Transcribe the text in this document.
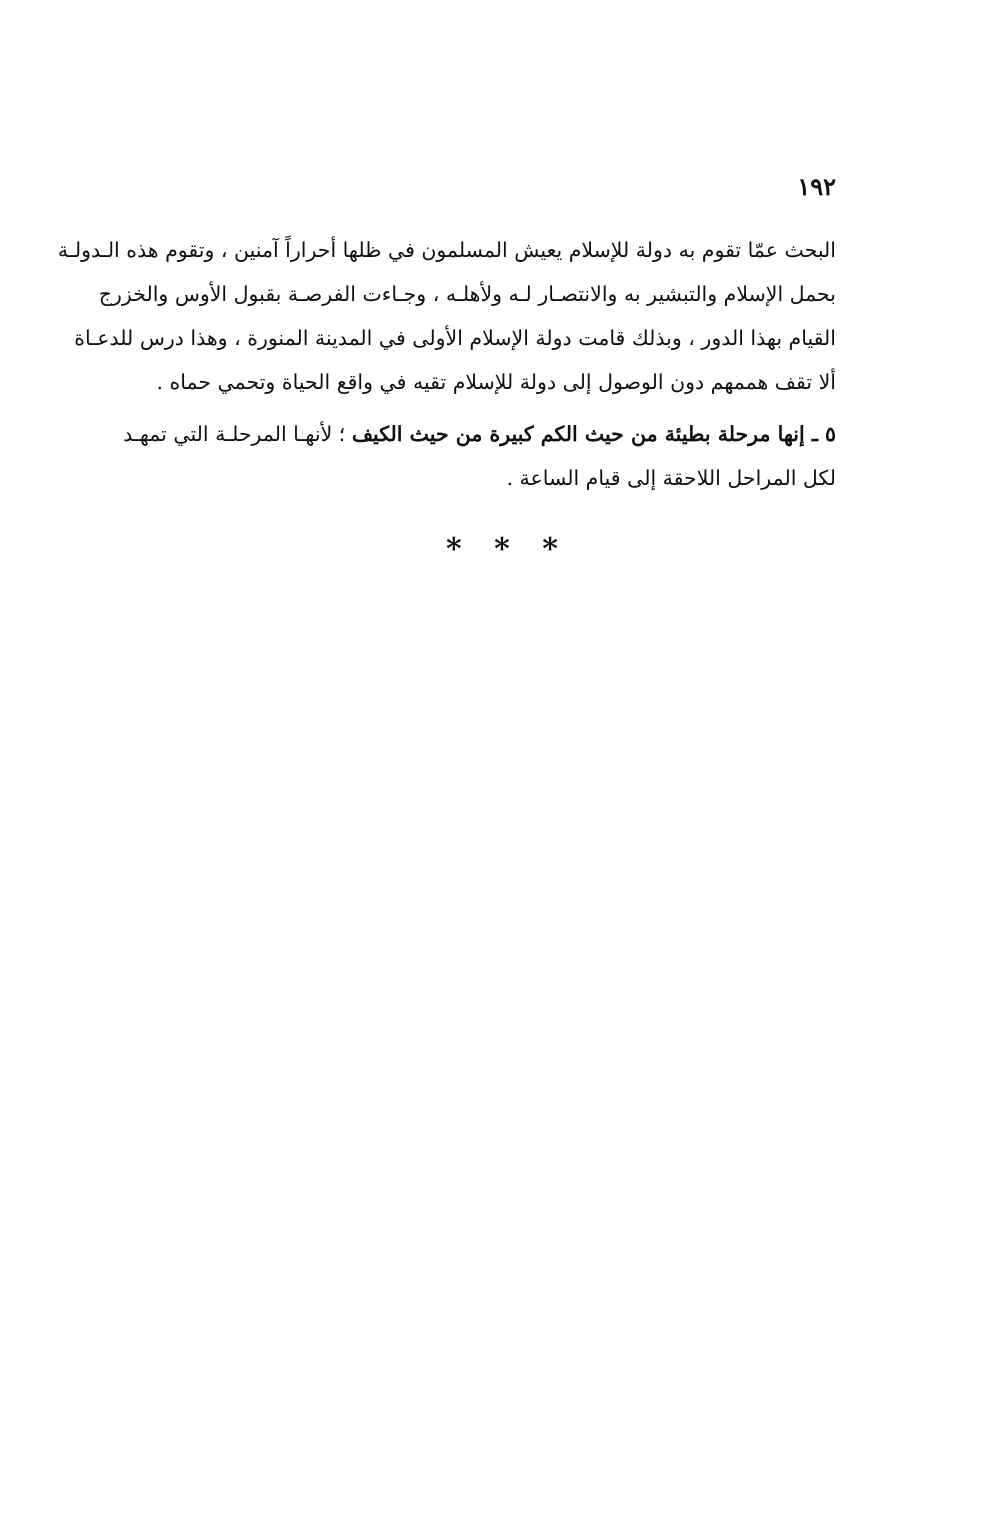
١٩٢
البحث عمّا تقوم به دولة للإسلام يعيش المسلمون في ظلها أحراراً آمنين ، وتقوم هذه الـدولـة
بحمل الإسلام والتبشير به والانتصـار لـه ولأهلـه ، وجـاءت الفرصـة بقبول الأوس والخزرج
القيام بهذا الدور ، وبذلك قامت دولة الإسلام الأولى في المدينة المنورة ، وهذا درس للدعـاة
ألا تقف هممهم دون الوصول إلى دولة للإسلام تقيه في واقع الحياة وتحمي حماه .
٥ ـ إنها مرحلة بطيئة من حيث الكم كبيرة من حيث الكيف ؛ لأنهـا المرحلـة التي تمهـد
لكل المراحل اللاحقة إلى قيام الساعة .
* * *
